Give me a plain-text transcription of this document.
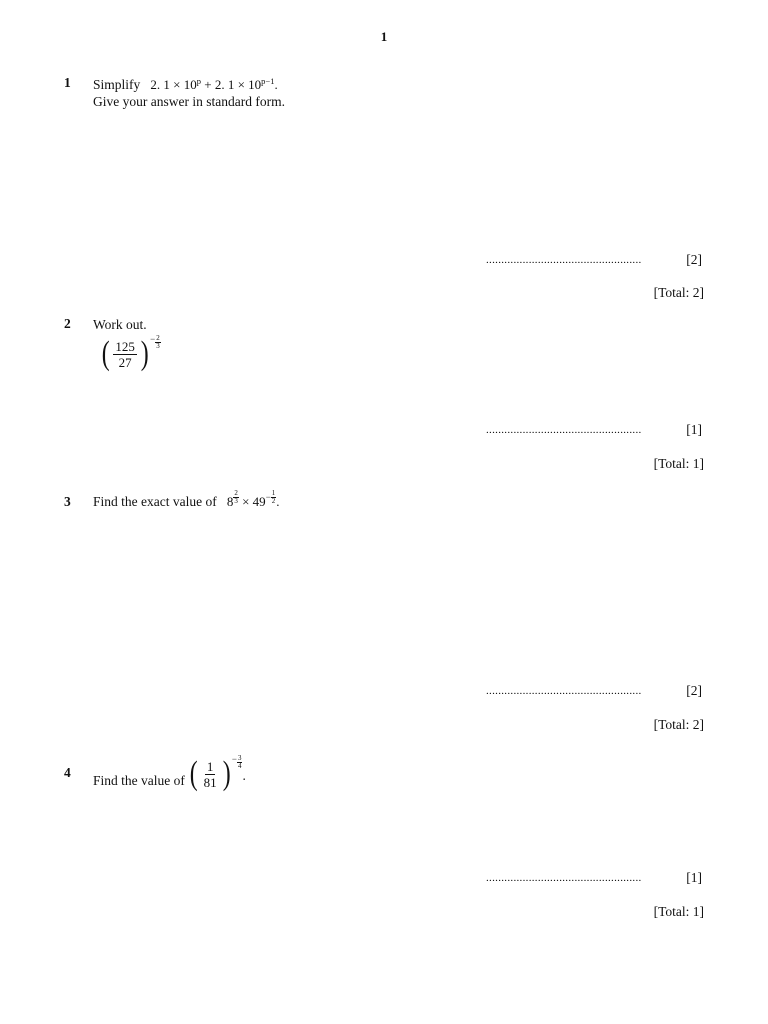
1
1 Simplify 2. $1 \times 10^p + 2$. $1 \times 10^{p-1}$.
Give your answer in standard form.
...................................................	[2]
[Total: 2]
2 Work out.
( $\frac{125}{27}$ ) − $\frac{2}{3}$
...................................................	[1]
[Total: 1]
3 Find the exact value of $8 \frac{2}{3} \times 49^- \frac{1}{2}$ .
...................................................	[2]
[Total: 2]
4
Find the value of ( $\frac{1}{81}$ ) − $\frac{3}{4}$
.
...................................................	[1]
[Total: 1]
